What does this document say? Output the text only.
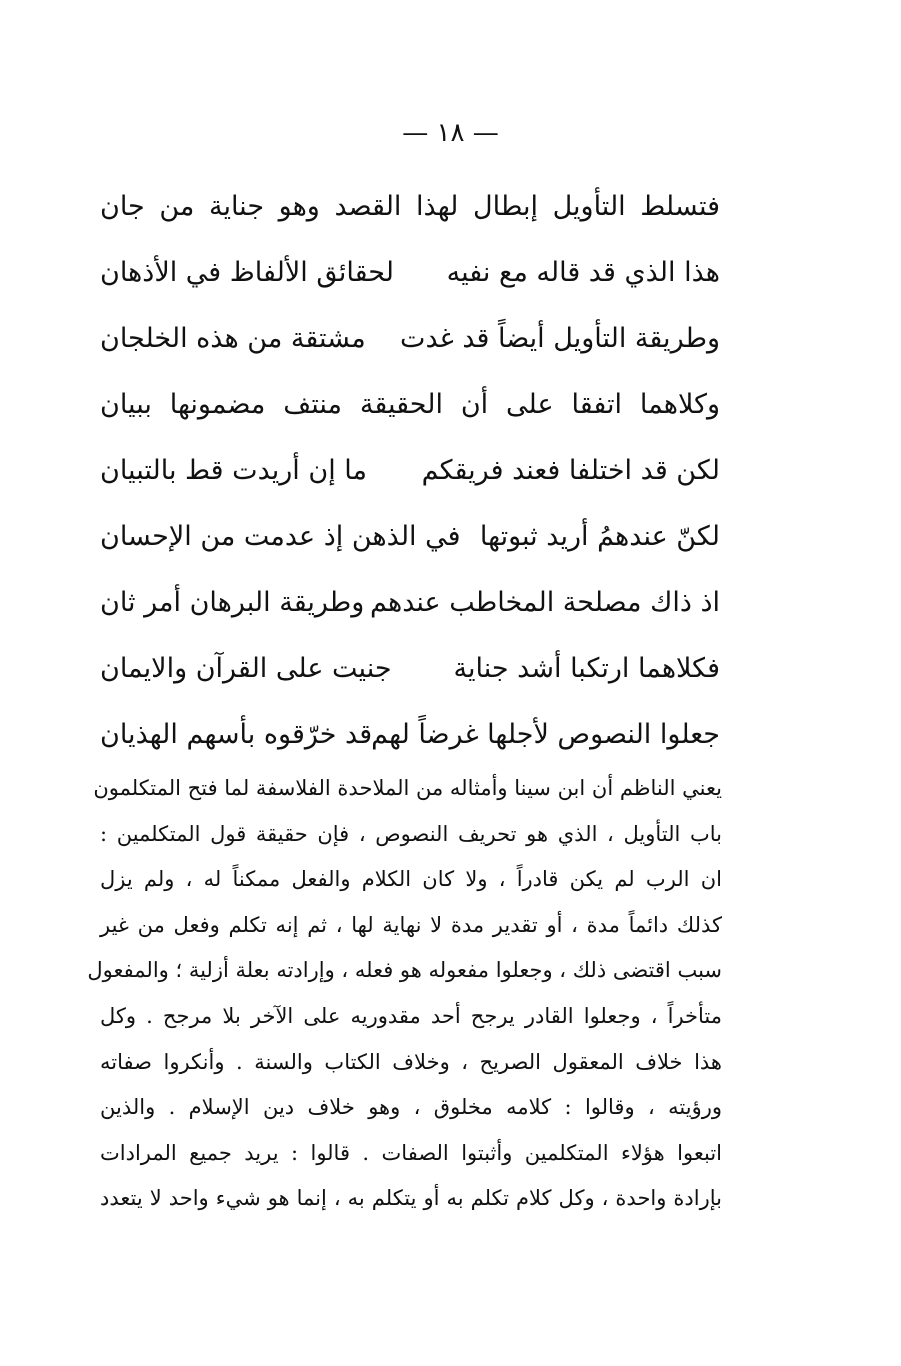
— ١٨ —
فتسلط التأويل إبطال لهذا القصد وهو جناية من جان
هذا الذي قد قاله مع نفيه
لحقائق الألفاظ في الأذهان
وطريقة التأويل أيضاً قد غدت
مشتقة من هذه الخلجان
وكلاهما اتفقا على أن الحقيقة منتف مضمونها ببيان
لكن قد اختلفا فعند فريقكم
ما إن أريدت قط بالتبيان
لكنّ عندهمُ أريد ثبوتها
في الذهن إذ عدمت من الإحسان
اذ ذاك مصلحة المخاطب عندهم
وطريقة البرهان أمر ثان
فكلاهما ارتكبا أشد جناية
جنيت على القرآن والايمان
جعلوا النصوص لأجلها غرضاً لهم
قد خرّقوه بأسهم الهذيان
يعني الناظم أن ابن سينا وأمثاله من الملاحدة الفلاسفة لما فتح المتكلمون
باب التأويل ، الذي هو تحريف النصوص ، فإن حقيقة قول المتكلمين :
ان الرب لم يكن قادراً ، ولا كان الكلام والفعل ممكناً له ، ولم يزل
كذلك دائماً مدة ، أو تقدير مدة لا نهاية لها ، ثم إنه تكلم وفعل من غير
سبب اقتضى ذلك ، وجعلوا مفعوله هو فعله ، وإرادته بعلة أزلية ؛ والمفعول
متأخراً ، وجعلوا القادر يرجح أحد مقدوريه على الآخر بلا مرجح . وكل
هذا خلاف المعقول الصريح ، وخلاف الكتاب والسنة . وأنكروا صفاته
ورؤيته ، وقالوا : كلامه مخلوق ، وهو خلاف دين الإسلام . والذين
اتبعوا هؤلاء المتكلمين وأثبتوا الصفات . قالوا : يريد جميع المرادات
بإرادة واحدة ، وكل كلام تكلم به أو يتكلم به ، إنما هو شيء واحد لا يتعدد
